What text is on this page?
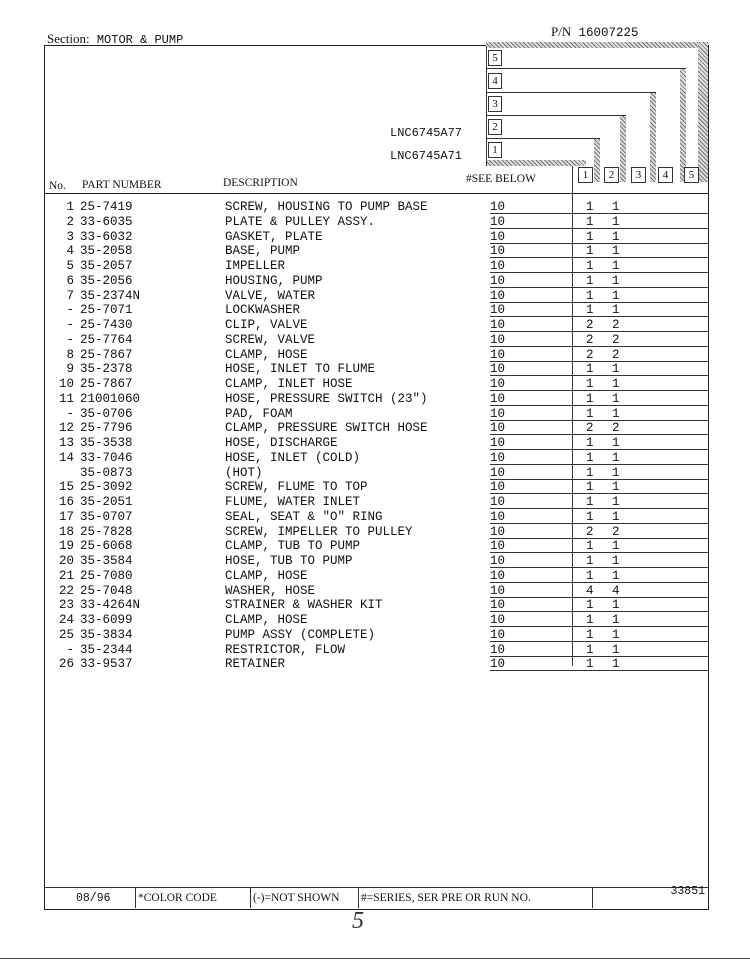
Section: MOTOR & PUMP
P/N 16007225
5
4
3
2
1
LNC6745A77
LNC6745A71
1	2	3	4	5
No. PART NUMBER	DESCRIPTION	#SEE BELOW
1 25-7419	SCREW, HOUSING TO PUMP BASE	10	1 1
2 33-6035	PLATE & PULLEY ASSY.	10	1 1
3 33-6032	GASKET, PLATE	10	1 1
4 35-2058	BASE, PUMP	10	1 1
5 35-2057	IMPELLER	10	1 1
6 35-2056	HOUSING, PUMP	10	1 1
7 35-2374N	VALVE, WATER	10	1 1
- 25-7071	LOCKWASHER	10	1 1
- 25-7430	CLIP, VALVE	10	2 2
- 25-7764	SCREW, VALVE	10	2 2
8 25-7867	CLAMP, HOSE	10	2 2
9 35-2378	HOSE, INLET TO FLUME	10	1 1
10 25-7867	CLAMP, INLET HOSE	10	1 1
11 21001060	HOSE, PRESSURE SWITCH (23")	10	1 1
- 35-0706	PAD, FOAM	10	1 1
12 25-7796	CLAMP, PRESSURE SWITCH HOSE	10	2 2
13 35-3538	HOSE, DISCHARGE	10	1 1
14 33-7046	HOSE, INLET (COLD)	10	1 1
35-0873	(HOT)	10	1 1
15 25-3092	SCREW, FLUME TO TOP	10	1 1
16 35-2051	FLUME, WATER INLET	10	1 1
17 35-0707	SEAL, SEAT & "O" RING	10	1 1
18 25-7828	SCREW, IMPELLER TO PULLEY	10	2 2
19 25-6068	CLAMP, TUB TO PUMP	10	1 1
20 35-3584	HOSE, TUB TO PUMP	10	1 1
21 25-7080	CLAMP, HOSE	10	1 1
22 25-7048	WASHER, HOSE	10	4 4
23 33-4264N	STRAINER & WASHER KIT	10	1 1
24 33-6099	CLAMP, HOSE	10	1 1
25 35-3834	PUMP ASSY (COMPLETE)	10	1 1
- 35-2344	RESTRICTOR, FLOW	10	1 1
26 33-9537	RETAINER	10	1 1
08/96	*COLOR CODE	(-)=NOT SHOWN	#=SERIES, SER PRE OR RUN NO.	33851
5
